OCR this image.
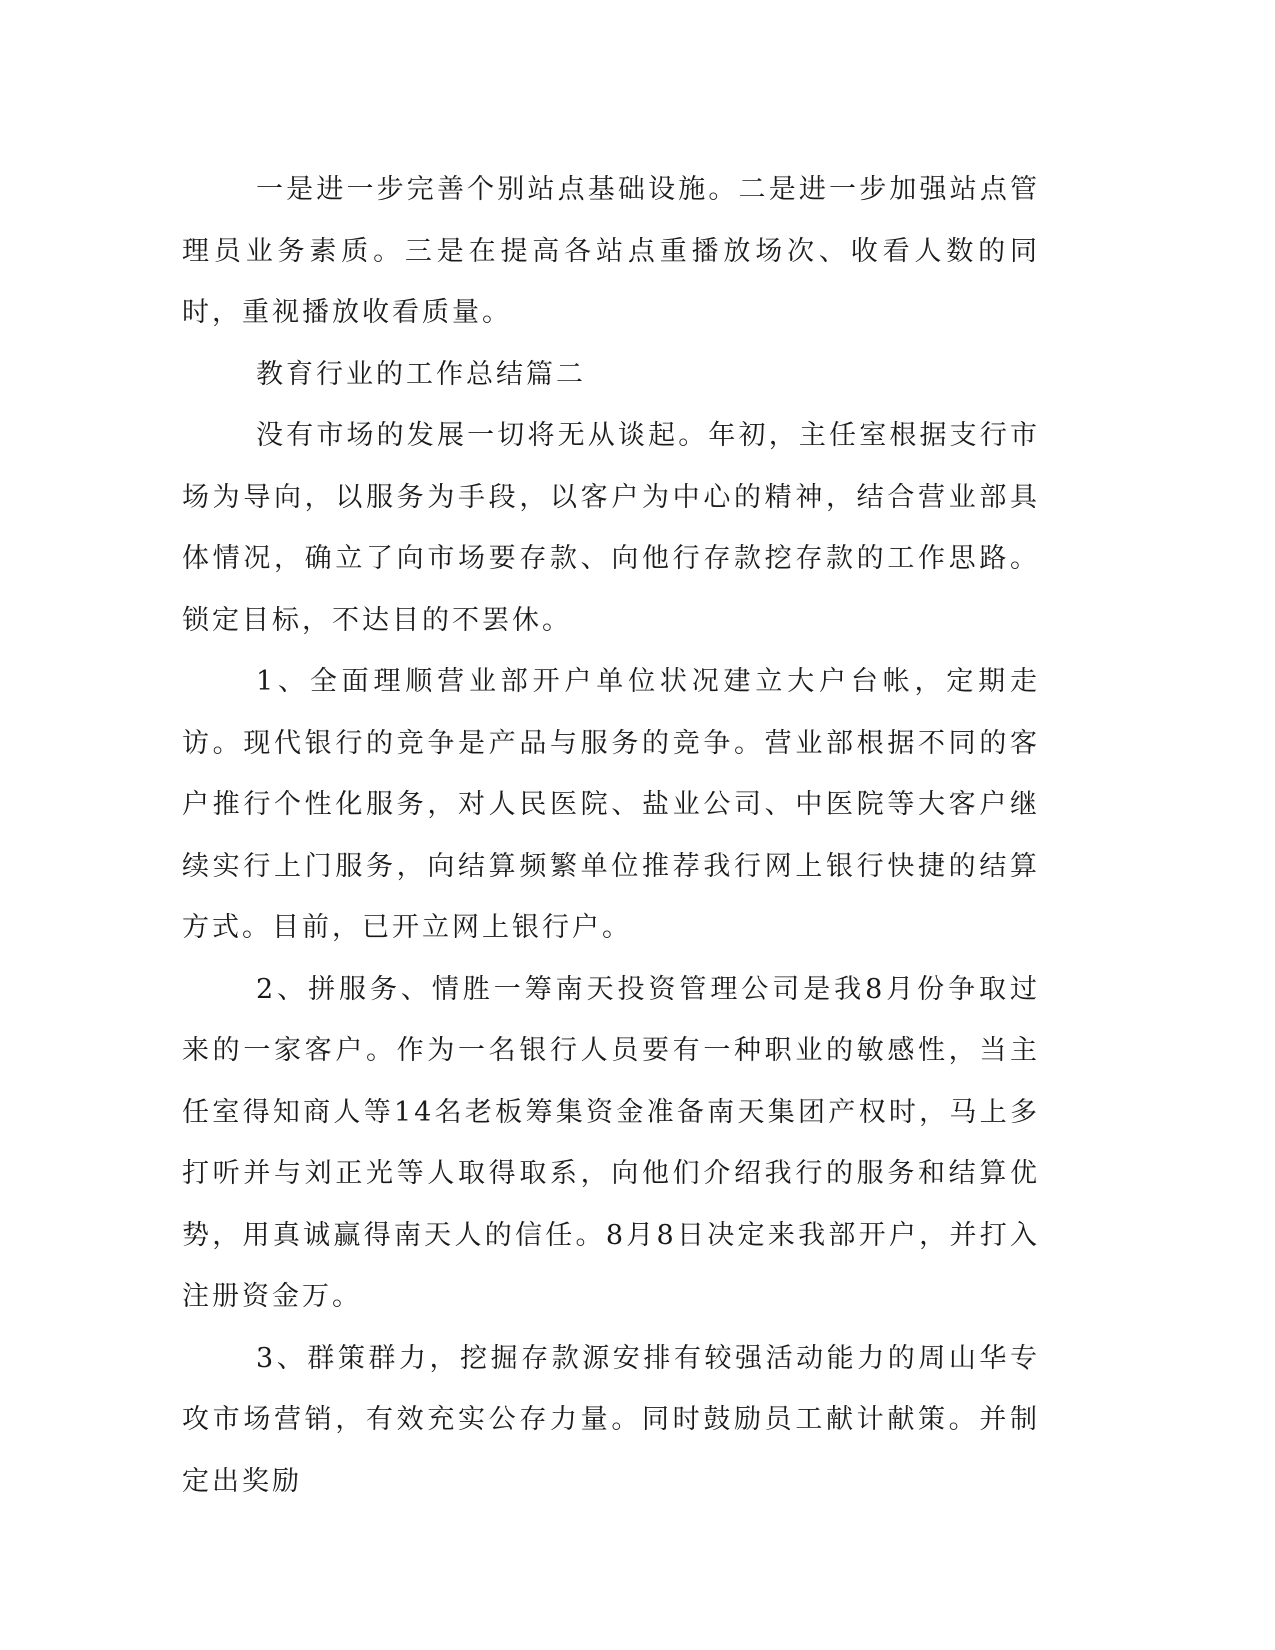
一是进一步完善个别站点基础设施。二是进一步加强站点管理员业务素质。三是在提高各站点重播放场次、收看人数的同时，重视播放收看质量。

教育行业的工作总结篇二

没有市场的发展一切将无从谈起。年初，主任室根据支行市场为导向，以服务为手段，以客户为中心的精神，结合营业部具体情况，确立了向市场要存款、向他行存款挖存款的工作思路。锁定目标，不达目的不罢休。

1、全面理顺营业部开户单位状况建立大户台帐，定期走访。现代银行的竞争是产品与服务的竞争。营业部根据不同的客户推行个性化服务，对人民医院、盐业公司、中医院等大客户继续实行上门服务，向结算频繁单位推荐我行网上银行快捷的结算方式。目前，已开立网上银行户。

2、拼服务、情胜一筹南天投资管理公司是我8月份争取过来的一家客户。作为一名银行人员要有一种职业的敏感性，当主任室得知商人等14名老板筹集资金准备南天集团产权时，马上多打听并与刘正光等人取得取系，向他们介绍我行的服务和结算优势，用真诚赢得南天人的信任。8月8日决定来我部开户，并打入注册资金万。

3、群策群力，挖掘存款源安排有较强活动能力的周山华专攻市场营销，有效充实公存力量。同时鼓励员工献计献策。并制定出奖励
